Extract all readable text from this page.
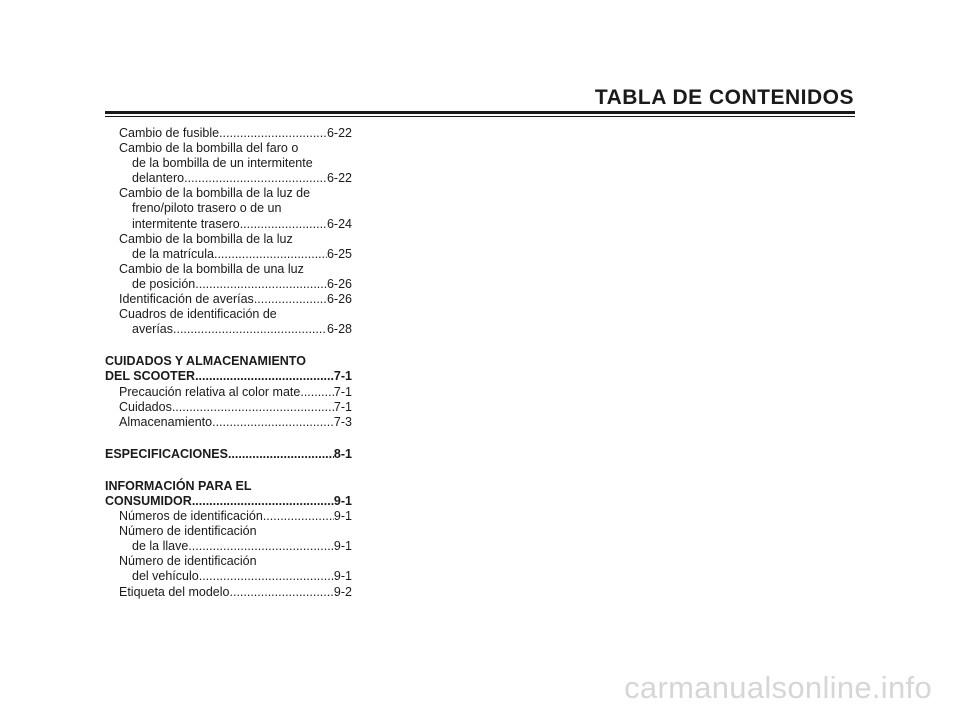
TABLA DE CONTENIDOS
Cambio de fusible .....	6-22
Cambio de la bombilla del faro o
de la bombilla de un intermitente
delantero .....	6-22
Cambio de la bombilla de la luz de
freno/piloto trasero o de un
intermitente trasero .....	6-24
Cambio de la bombilla de la luz
de la matrícula .....	6-25
Cambio de la bombilla de una luz
de posición .....	6-26
Identificación de averías .....	6-26
Cuadros de identificación de
averías .....	6-28
CUIDADOS Y ALMACENAMIENTO
DEL SCOOTER .....	7-1
Precaución relativa al color mate .....	7-1
Cuidados .....	7-1
Almacenamiento .....	7-3
ESPECIFICACIONES .....	8-1
INFORMACIÓN PARA EL
CONSUMIDOR .....	9-1
Números de identificación .....	9-1
Número de identificación
de la llave .....	9-1
Número de identificación
del vehículo .....	9-1
Etiqueta del modelo .....	9-2
carmanualsonline.info
